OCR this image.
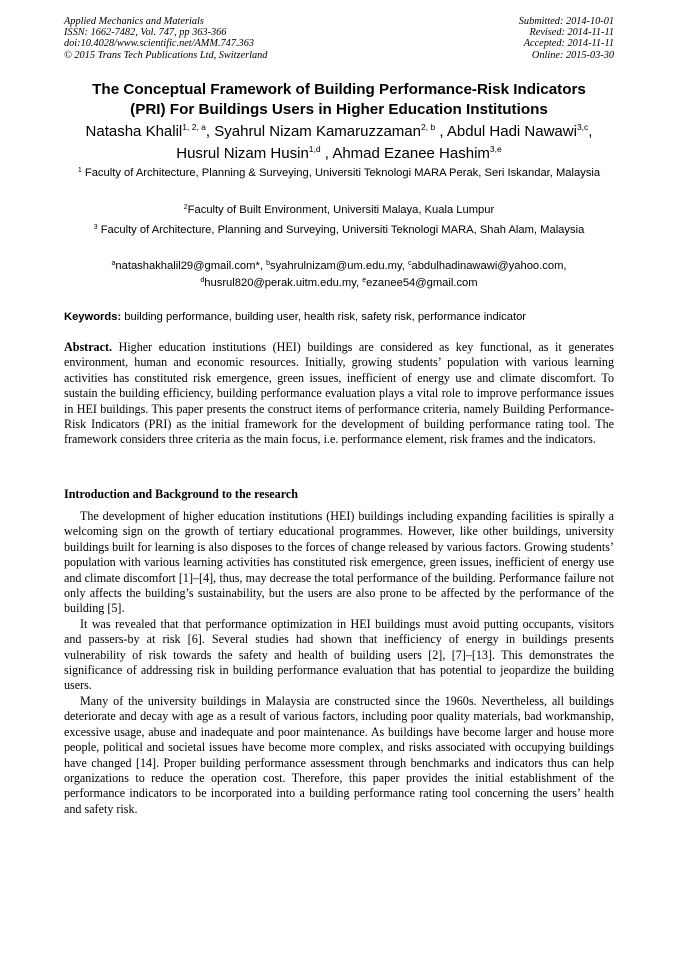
Applied Mechanics and Materials
ISSN: 1662-7482, Vol. 747, pp 363-366
doi:10.4028/www.scientific.net/AMM.747.363
© 2015 Trans Tech Publications Ltd, Switzerland
Submitted: 2014-10-01
Revised: 2014-11-11
Accepted: 2014-11-11
Online: 2015-03-30
The Conceptual Framework of Building Performance-Risk Indicators
(PRI) For Buildings Users in Higher Education Institutions
Natasha Khalil$^{1, 2, a}$, Syahrul Nizam Kamaruzzaman$^{2, b}$ , Abdul Hadi Nawawi$^{3,c}$,
Husrul Nizam Husin$^{1,d}$ , Ahmad Ezanee Hashim$^{3,e}$
$^1$ Faculty of Architecture, Planning & Surveying, Universiti Teknologi MARA Perak, Seri Iskandar, Malaysia
$^2$Faculty of Built Environment, Universiti Malaya, Kuala Lumpur
$^3$ Faculty of Architecture, Planning and Surveying, Universiti Teknologi MARA, Shah Alam, Malaysia
$^a$natashakhalil29@gmail.com*, $^b$syahrulnizam@um.edu.my, $^c$abdulhadinawawi@yahoo.com,
$^d$husrul820@perak.uitm.edu.my, $^e$ezanee54@gmail.com
Keywords: building performance, building user, health risk, safety risk, performance indicator

Abstract. Higher education institutions (HEI) buildings are considered as key functional, as it generates environment, human and economic resources. Initially, growing students’ population with various learning activities has constituted risk emergence, green issues, inefficient of energy use and climate discomfort. To sustain the building efficiency, building performance evaluation plays a vital role to improve performance issues in HEI buildings. This paper presents the construct items of performance criteria, namely Building Performance-Risk Indicators (PRI) as the initial framework for the development of building performance rating tool. The framework considers three criteria as the main focus, i.e. performance element, risk frames and the indicators.

Introduction and Background to the research

The development of higher education institutions (HEI) buildings including expanding facilities is spirally a welcoming sign on the growth of tertiary educational programmes. However, like other buildings, university buildings built for learning is also disposes to the forces of change released by various factors. Growing students’ population with various learning activities has constituted risk emergence, green issues, inefficient of energy use and climate discomfort [1]–[4], thus, may decrease the total performance of the building. Performance failure not only affects the building’s sustainability, but the users are also prone to be affected by the performance of the building [5].

It was revealed that that performance optimization in HEI buildings must avoid putting occupants, visitors and passers-by at risk [6]. Several studies had shown that inefficiency of energy in buildings presents vulnerability of risk towards the safety and health of building users [2], [7]–[13]. This demonstrates the significance of addressing risk in building performance evaluation that has potential to jeopardize the building users.

Many of the university buildings in Malaysia are constructed since the 1960s. Nevertheless, all buildings deteriorate and decay with age as a result of various factors, including poor quality materials, bad workmanship, excessive usage, abuse and inadequate and poor maintenance. As buildings have become larger and house more people, political and societal issues have become more complex, and risks associated with occupying buildings have changed [14]. Proper building performance assessment through benchmarks and indicators thus can help organizations to reduce the operation cost. Therefore, this paper provides the initial establishment of the performance indicators to be incorporated into a building performance rating tool concerning the users’ health and safety risk.
